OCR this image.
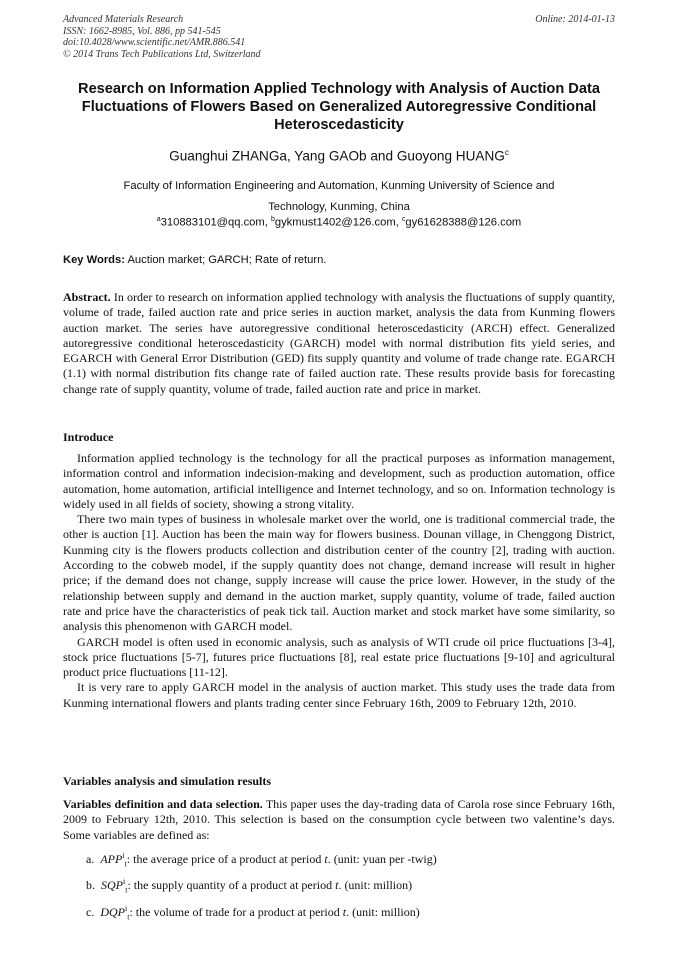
Advanced Materials Research
ISSN: 1662-8985, Vol. 886, pp 541-545
doi:10.4028/www.scientific.net/AMR.886.541
© 2014 Trans Tech Publications Ltd, Switzerland
Online: 2014-01-13
Research on Information Applied Technology with Analysis of Auction Data Fluctuations of Flowers Based on Generalized Autoregressive Conditional Heteroscedasticity
Guanghui ZHANGa, Yang GAOb and Guoyong HUANG$^c$
Faculty of Information Engineering and Automation, Kunming University of Science and
Technology, Kunming, China
$^a$310883101@qq.com, $^b$gykmust1402@126.com, $^c$gy61628388@126.com
Key Words: Auction market; GARCH; Rate of return.

Abstract. In order to research on information applied technology with analysis the fluctuations of supply quantity, volume of trade, failed auction rate and price series in auction market, analysis the data from Kunming flowers auction market. The series have autoregressive conditional heteroscedasticity (ARCH) effect. Generalized autoregressive conditional heteroscedasticity (GARCH) model with normal distribution fits yield series, and EGARCH with General Error Distribution (GED) fits supply quantity and volume of trade change rate. EGARCH (1.1) with normal distribution fits change rate of failed auction rate. These results provide basis for forecasting change rate of supply quantity, volume of trade, failed auction rate and price in market.

Introduce

Information applied technology is the technology for all the practical purposes as information management, information control and information indecision-making and development, such as production automation, office automation, home automation, artificial intelligence and Internet technology, and so on. Information technology is widely used in all fields of society, showing a strong vitality.

There two main types of business in wholesale market over the world, one is traditional commercial trade, the other is auction [1]. Auction has been the main way for flowers business. Dounan village, in Chenggong District, Kunming city is the flowers products collection and distribution center of the country [2], trading with auction. According to the cobweb model, if the supply quantity does not change, demand increase will result in higher price; if the demand does not change, supply increase will cause the price lower. However, in the study of the relationship between supply and demand in the auction market, supply quantity, volume of trade, failed auction rate and price have the characteristics of peak tick tail. Auction market and stock market have some similarity, so analysis this phenomenon with GARCH model.

GARCH model is often used in economic analysis, such as analysis of WTI crude oil price fluctuations [3-4], stock price fluctuations [5-7], futures price fluctuations [8], real estate price fluctuations [9-10] and agricultural product price fluctuations [11-12].

It is very rare to apply GARCH model in the analysis of auction market. This study uses the trade data from Kunming international flowers and plants trading center since February 16th, 2009 to February 12th, 2010.

Variables analysis and simulation results

Variables definition and data selection. This paper uses the day-trading data of Carola rose since February 16th, 2009 to February 12th, 2010. This selection is based on the consumption cycle between two valentine’s days. Some variables are defined as:

a. $APP^i_t$: the average price of a product at period t. (unit: yuan per -twig)
b. $SQP^i_t$: the supply quantity of a product at period t. (unit: million)
c. $DQP^i_t$: the volume of trade for a product at period t. (unit: million)
